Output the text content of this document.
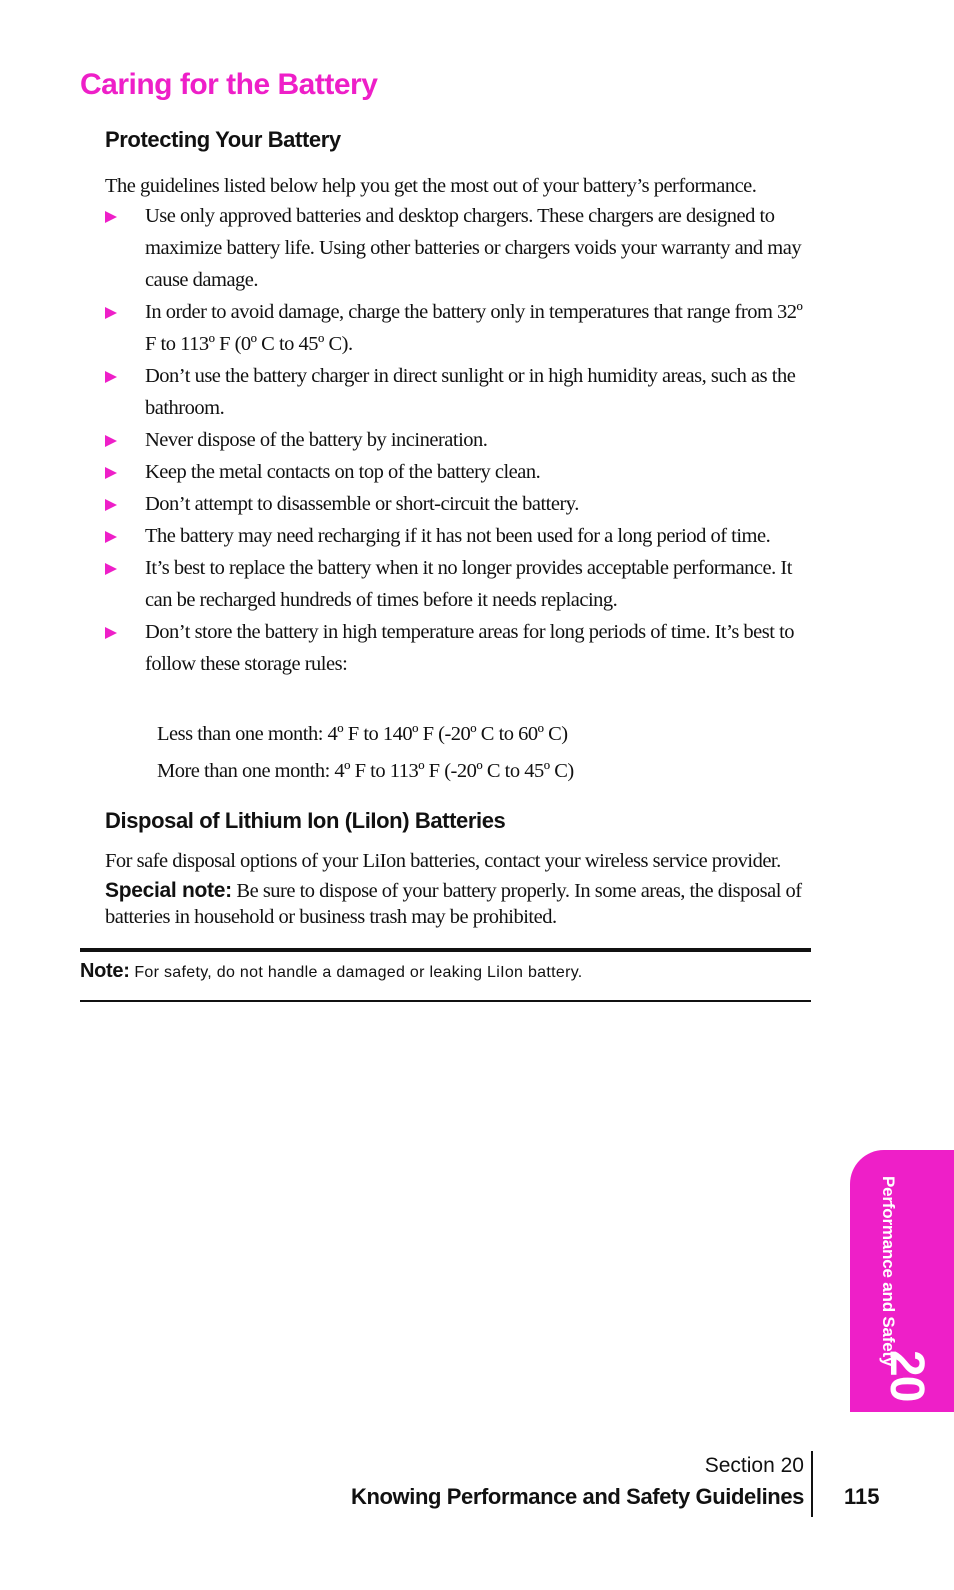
Caring for the Battery
Protecting Your Battery

The guidelines listed below help you get the most out of your battery’s performance.

Use only approved batteries and desktop chargers. These chargers are designed to maximize battery life. Using other batteries or chargers voids your warranty and may cause damage.
In order to avoid damage, charge the battery only in temperatures that range from 32º F to 113º F (0º C to 45º C).
Don’t use the battery charger in direct sunlight or in high humidity areas, such as the bathroom.
Never dispose of the battery by incineration.
Keep the metal contacts on top of the battery clean.
Don’t attempt to disassemble or short-circuit the battery.
The battery may need recharging if it has not been used for a long period of time.
It’s best to replace the battery when it no longer provides acceptable performance. It can be recharged hundreds of times before it needs replacing.
Don’t store the battery in high temperature areas for long periods of time. It’s best to follow these storage rules:
Less than one month: 4º F to 140º F (-20º C to 60º C)
More than one month: 4º F to 113º F (-20º C to 45º C)
Disposal of Lithium Ion (LiIon) Batteries

For safe disposal options of your LiIon batteries, contact your wireless service provider.

Special note: Be sure to dispose of your battery properly. In some areas, the disposal of batteries in household or business trash may be prohibited.

Note: For safety, do not handle a damaged or leaking LiIon battery.

Performance and Safety

20

Section 20

Knowing Performance and Safety Guidelines 115
